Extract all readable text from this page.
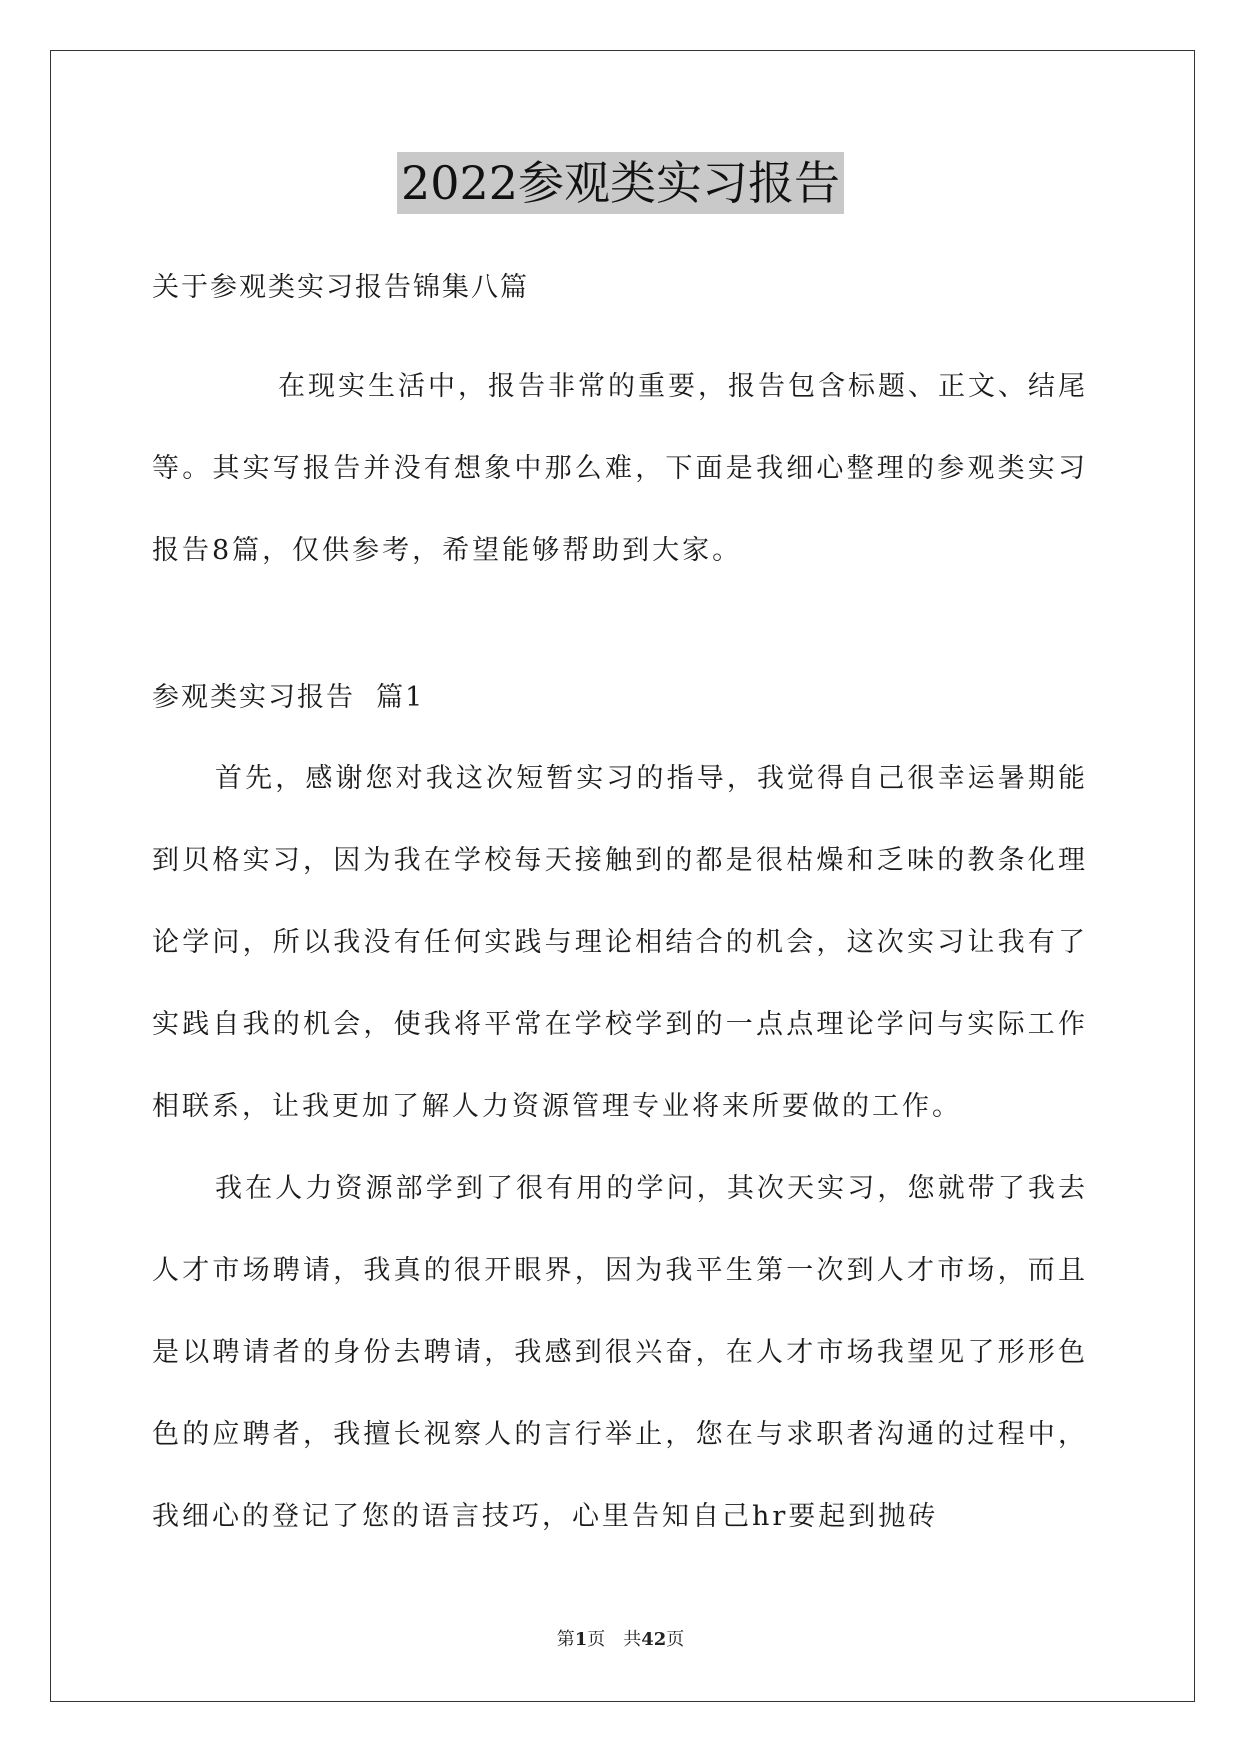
2022参观类实习报告
关于参观类实习报告锦集八篇
在现实生活中，报告非常的重要，报告包含标题、正文、结尾等。其实写报告并没有想象中那么难，下面是我细心整理的参观类实习报告8篇，仅供参考，希望能够帮助到大家。
参观类实习报告  篇1
首先，感谢您对我这次短暂实习的指导，我觉得自己很幸运暑期能到贝格实习，因为我在学校每天接触到的都是很枯燥和乏味的教条化理论学问，所以我没有任何实践与理论相结合的机会，这次实习让我有了实践自我的机会，使我将平常在学校学到的一点点理论学问与实际工作相联系，让我更加了解人力资源管理专业将来所要做的工作。
我在人力资源部学到了很有用的学问，其次天实习，您就带了我去人才市场聘请，我真的很开眼界，因为我平生第一次到人才市场，而且是以聘请者的身份去聘请，我感到很兴奋，在人才市场我望见了形形色色的应聘者，我擅长视察人的言行举止，您在与求职者沟通的过程中，我细心的登记了您的语言技巧，心里告知自己hr要起到抛砖
第1页 共42页
